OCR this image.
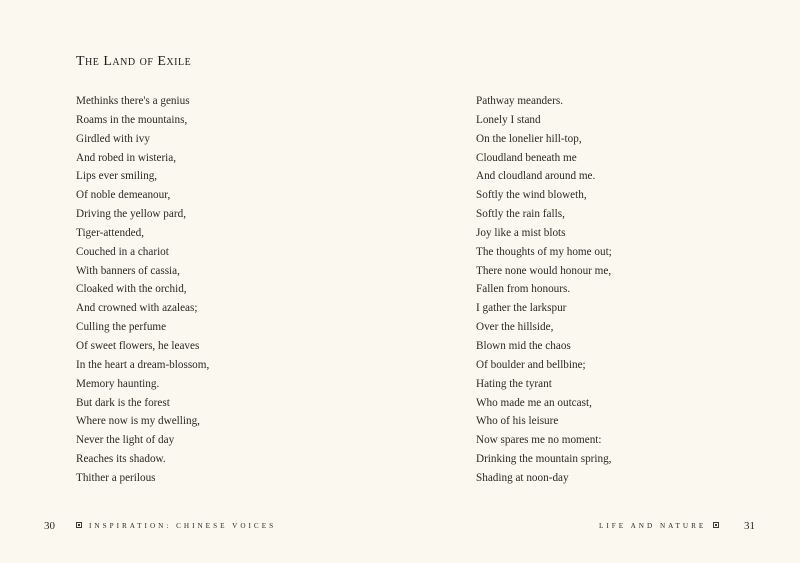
The Land of Exile
Methinks there's a genius
Roams in the mountains,
Girdled with ivy
And robed in wisteria,
Lips ever smiling,
Of noble demeanour,
Driving the yellow pard,
Tiger-attended,
Couched in a chariot
With banners of cassia,
Cloaked with the orchid,
And crowned with azaleas;
Culling the perfume
Of sweet flowers, he leaves
In the heart a dream-blossom,
Memory haunting.
But dark is the forest
Where now is my dwelling,
Never the light of day
Reaches its shadow.
Thither a perilous
Pathway meanders.
Lonely I stand
On the lonelier hill-top,
Cloudland beneath me
And cloudland around me.
Softly the wind bloweth,
Softly the rain falls,
Joy like a mist blots
The thoughts of my home out;
There none would honour me,
Fallen from honours.
I gather the larkspur
Over the hillside,
Blown mid the chaos
Of boulder and bellbine;
Hating the tyrant
Who made me an outcast,
Who of his leisure
Now spares me no moment:
Drinking the mountain spring,
Shading at noon-day
30	INSPIRATION: CHINESE VOICES	LIFE AND NATURE	31
